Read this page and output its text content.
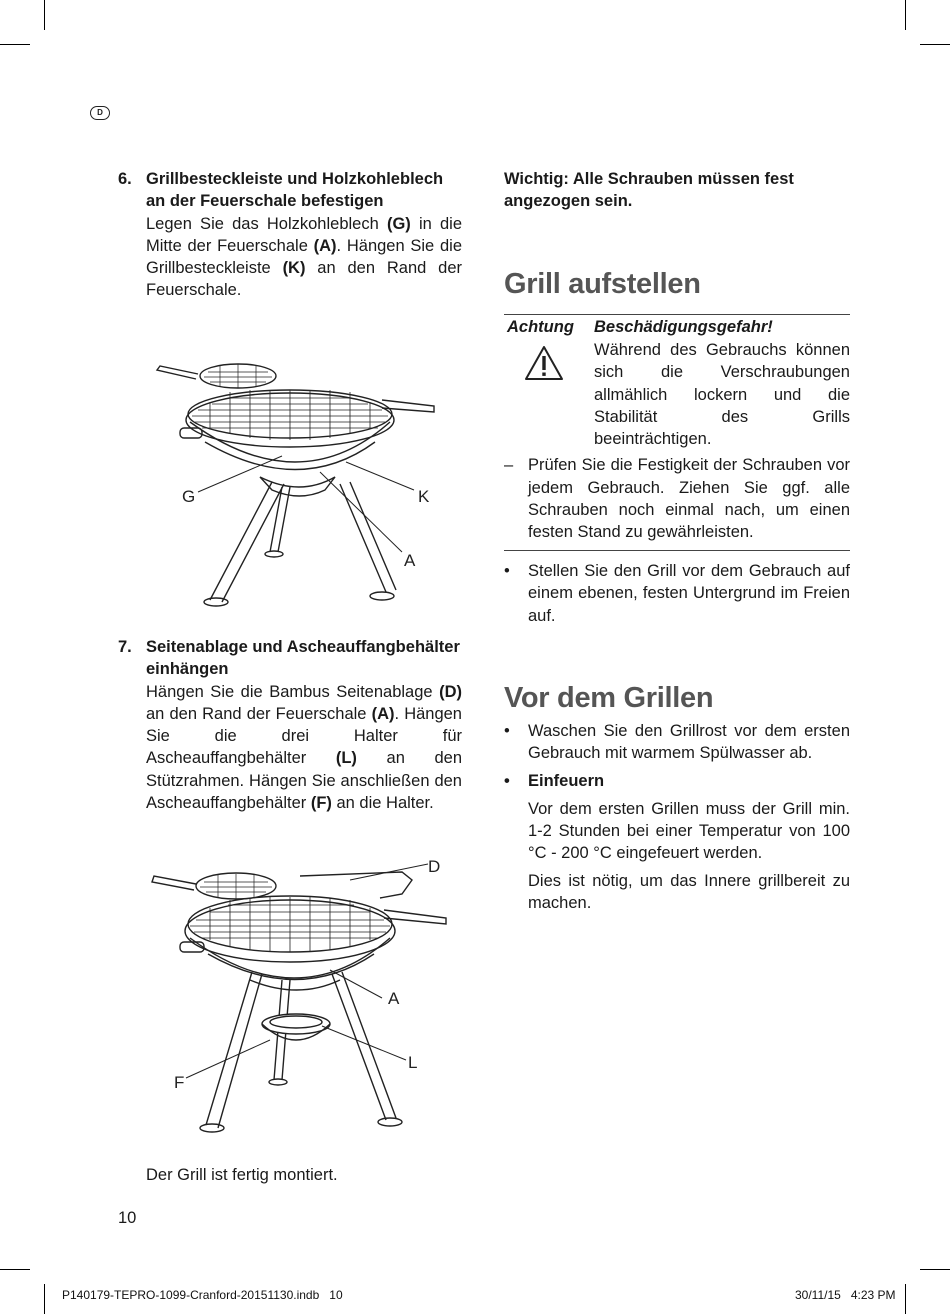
D
6. Grillbesteckleiste und Holzkohleblech an der Feuerschale befestigen
Legen Sie das Holzkohleblech (G) in die Mitte der Feuerschale (A). Hängen Sie die Grillbesteckleiste (K) an den Rand der Feuerschale.
G	K
A
7. Seitenablage und Ascheauffangbehälter einhängen
Hängen Sie die Bambus Seitenablage (D) an den Rand der Feuerschale (A). Hängen Sie die drei Halter für Ascheauffangbehälter (L) an den Stützrahmen. Hängen Sie anschließen den Ascheauffangbehälter (F) an die Halter.
D
A
L
F
Der Grill ist fertig montiert.
10
Wichtig: Alle Schrauben müssen fest angezogen sein.
Grill aufstellen
Achtung Beschädigungsgefahr!
Während des Gebrauchs können sich die Verschraubungen allmählich lockern und die Stabilität des Grills beeinträchtigen.
– Prüfen Sie die Festigkeit der Schrauben vor jedem Gebrauch. Ziehen Sie ggf. alle Schrauben noch einmal nach, um einen festen Stand zu gewährleisten.
• Stellen Sie den Grill vor dem Gebrauch auf einem ebenen, festen Untergrund im Freien auf.
Vor dem Grillen
• Waschen Sie den Grillrost vor dem ersten Gebrauch mit warmem Spülwasser ab.
• Einfeuern
Vor dem ersten Grillen muss der Grill min. 1-2 Stunden bei einer Temperatur von 100 °C - 200 °C eingefeuert werden.
Dies ist nötig, um das Innere grillbereit zu machen.
P140179-TEPRO-1099-Cranford-20151130.indb   10	30/11/15   4:23 PM
